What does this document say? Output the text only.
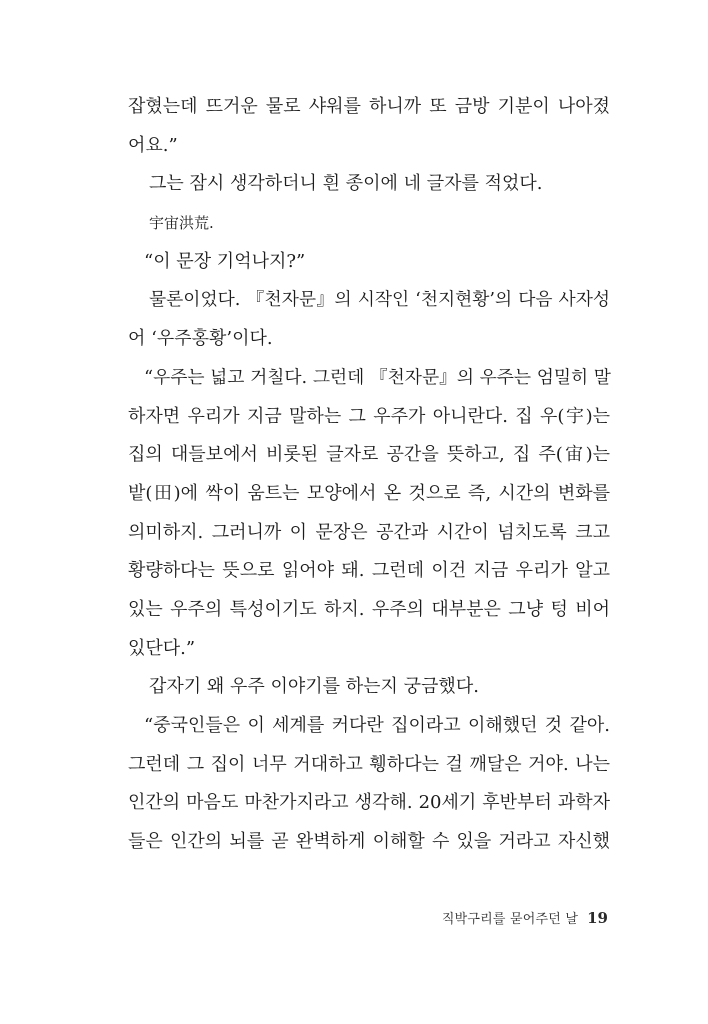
잡혔는데 뜨거운 물로 샤워를 하니까 또 금방 기분이 나아졌
어요.”
그는 잠시 생각하더니 흰 종이에 네 글자를 적었다.
宇宙洪荒.
“이 문장 기억나지?”
물론이었다. 『천자문』의 시작인 ‘천지현황’의 다음 사자성
어 ‘우주홍황’이다.
“우주는 넓고 거칠다. 그런데 『천자문』의 우주는 엄밀히 말
하자면 우리가 지금 말하는 그 우주가 아니란다. 집 우(宇)는
집의 대들보에서 비롯된 글자로 공간을 뜻하고, 집 주(宙)는
밭(田)에 싹이 움트는 모양에서 온 것으로 즉, 시간의 변화를
의미하지. 그러니까 이 문장은 공간과 시간이 넘치도록 크고
황량하다는 뜻으로 읽어야 돼. 그런데 이건 지금 우리가 알고
있는 우주의 특성이기도 하지. 우주의 대부분은 그냥 텅 비어
있단다.”
갑자기 왜 우주 이야기를 하는지 궁금했다.
“중국인들은 이 세계를 커다란 집이라고 이해했던 것 같아.
그런데 그 집이 너무 거대하고 휑하다는 걸 깨달은 거야. 나는
인간의 마음도 마찬가지라고 생각해. 20세기 후반부터 과학자
들은 인간의 뇌를 곧 완벽하게 이해할 수 있을 거라고 자신했
직박구리를 묻어주던 날 19
